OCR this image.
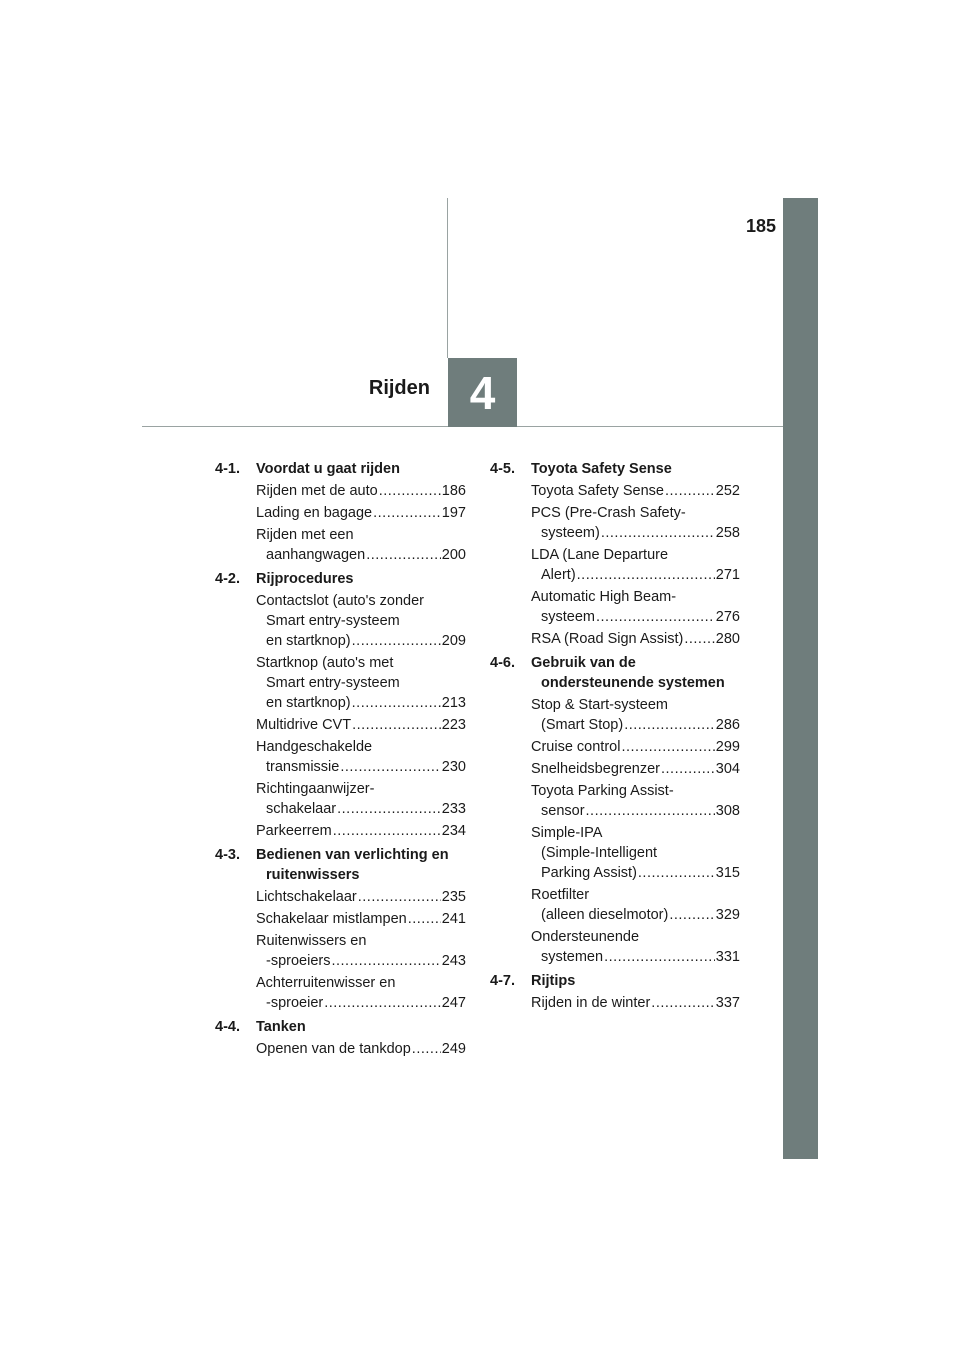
185
Rijden 4
4-1.	Voordat u gaat rijden
Rijden met de auto .....	186
Lading en bagage .....	197
Rijden met een
aanhangwagen .....	200
4-2.	Rijprocedures
Contactslot (auto's zonder
Smart entry-systeem
en startknop) .....	209
Startknop (auto's met
Smart entry-systeem
en startknop) .....	213
Multidrive CVT .....	223
Handgeschakelde
transmissie .....	230
Richtingaanwijzer-
schakelaar .....	233
Parkeerrem .....	234
4-3.	Bedienen van verlichting en
ruitenwissers
Lichtschakelaar .....	235
Schakelaar mistlampen ..... 241
Ruitenwissers en
-sproeiers .....	243
Achterruitenwisser en
-sproeier .....	247
4-4.	Tanken
Openen van de tankdop ..... 249
4-5.	Toyota Safety Sense
Toyota Safety Sense .....	252
PCS (Pre-Crash Safety-
systeem) .....	258
LDA (Lane Departure
Alert) .....	271
Automatic High Beam-
systeem .....	276
RSA (Road Sign Assist) ..... 280
4-6.	Gebruik van de
ondersteunende systemen
Stop & Start-systeem
(Smart Stop) .....	286
Cruise control .....	299
Snelheidsbegrenzer .....	304
Toyota Parking Assist-
sensor .....	308
Simple-IPA
(Simple-Intelligent
Parking Assist) .....	315
Roetfilter
(alleen dieselmotor) .....	329
Ondersteunende
systemen .....	331
4-7.	Rijtips
Rijden in de winter .....	337
